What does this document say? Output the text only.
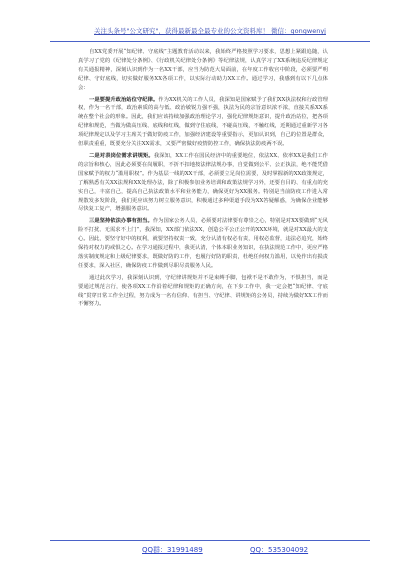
关注头条号"公文研究"，获得最新最全最专业的公文资料库！ 微信：gongwenyj

自XX党委开展“知纪律、守底线”主题教育活动以来，我始终严格按照学习要求，思想上紧跟追随，认真学习了党的《纪律处分条例》、《行政机关纪律处分条例》等纪律法规，认真学习了XX系统违反纪律规定有关通报精神，深刻认识到作为一名XX干部，应当为防范大局面前，在年度工作收官中阶段，必须要严明纪律、守好底线，切实做好服务XX各项工作，以实际行动助力XX工作。通过学习，我感到有以下几点体会：

一是要提升政治站位守纪律。作为XX机关的工作人员，我深知是国家赋予了我们XX执法权和行政管理权，作为一名干部，政治素质的高与低、政治敏锐力强不强，执法为民的宗旨意识浓不浓，直接关系XX系统在整个社会的形象。因此，我们应该持续加强政治理论学习，强化纪律规矩意识，提升政治站位，把各项纪律和规范，当做为做高压线、底线和红线，做到守住底线，不碰高压线，不触红线，近期通过重新学习各项纪律规定以及学习主席关于做好防疫工作，加强经济建设等重要指示，更加认识到，自己的位置是群众，但职责重重，既要充分关注XX需求，又要严密做好疫情防控工作，确保执法防疫两不误。

二是对表岗位需求讲规矩。我深知，XX工作在国民经济中的重要地位，依法XX、依率XX是我们工作的宗旨和核心，因此必须要在岗履职，不折不扣地按法律法规办事，自觉做到公平、公正执法，绝不能凭借国家赋予的权力“滥用职权”。作为基层一线的XX干部，必须要立足岗位需要，及时掌握新的XX政策规定，了解熟悉有关XX法规和XX处理办法，除了积极参加业务培训和政策法规学习外，还要自目的、有重点的充实自己，丰富自己，提高自己执法政策水平和业务能力，确保更好为XX服务。特别是当前防疫工作进入常规散发多发阶段，我们更应该努力树立服务意识，积极通过多种渠道手段为XX答疑解惑，为确保企业能够尽快复工复产，增强服务意识。

三是坚持依法办事有担当。作为国家公务人员，必须要对法律要有尊崇之心，特别是对XX要做到“无风险不打扰、无需求不上门”，我深知，XX部门依法XX，创造公平公正公开的XXX环境，就是对XX最大的支心。因此，要坚守好中的权利，就要坚持权责一致，充分认清有权必有责，用权必监督，违法必追究，始终保持对权力的戒惧之心。在学习通报过程中，我更认清，个体本职业务知识，在执法规范工作中，更应严格落实制度规定和上级纪律要求，既做好防的工作，也履行好防的职责，杜绝任何权力滥用，以免作出有损责任要求，深入社区，确保防疫工作做到尽职尽责服务人民。

通过此次学习，我深刻认识到，守纪律讲规矩并不是束缚手脚，包袱不是不敢作为，不惧担当，而是要通过规范言行，使各项XX工作沿着纪律和规矩的正确方向，在下步工作中，我一定会把“知纪律、守底线”贯穿日常工作全过程，努力成为一名有信仰、有担当、守纪律、讲规矩的公务员，持续为做好XX工作而不懈努力。

QQ群：31991489	QQ：535304092
